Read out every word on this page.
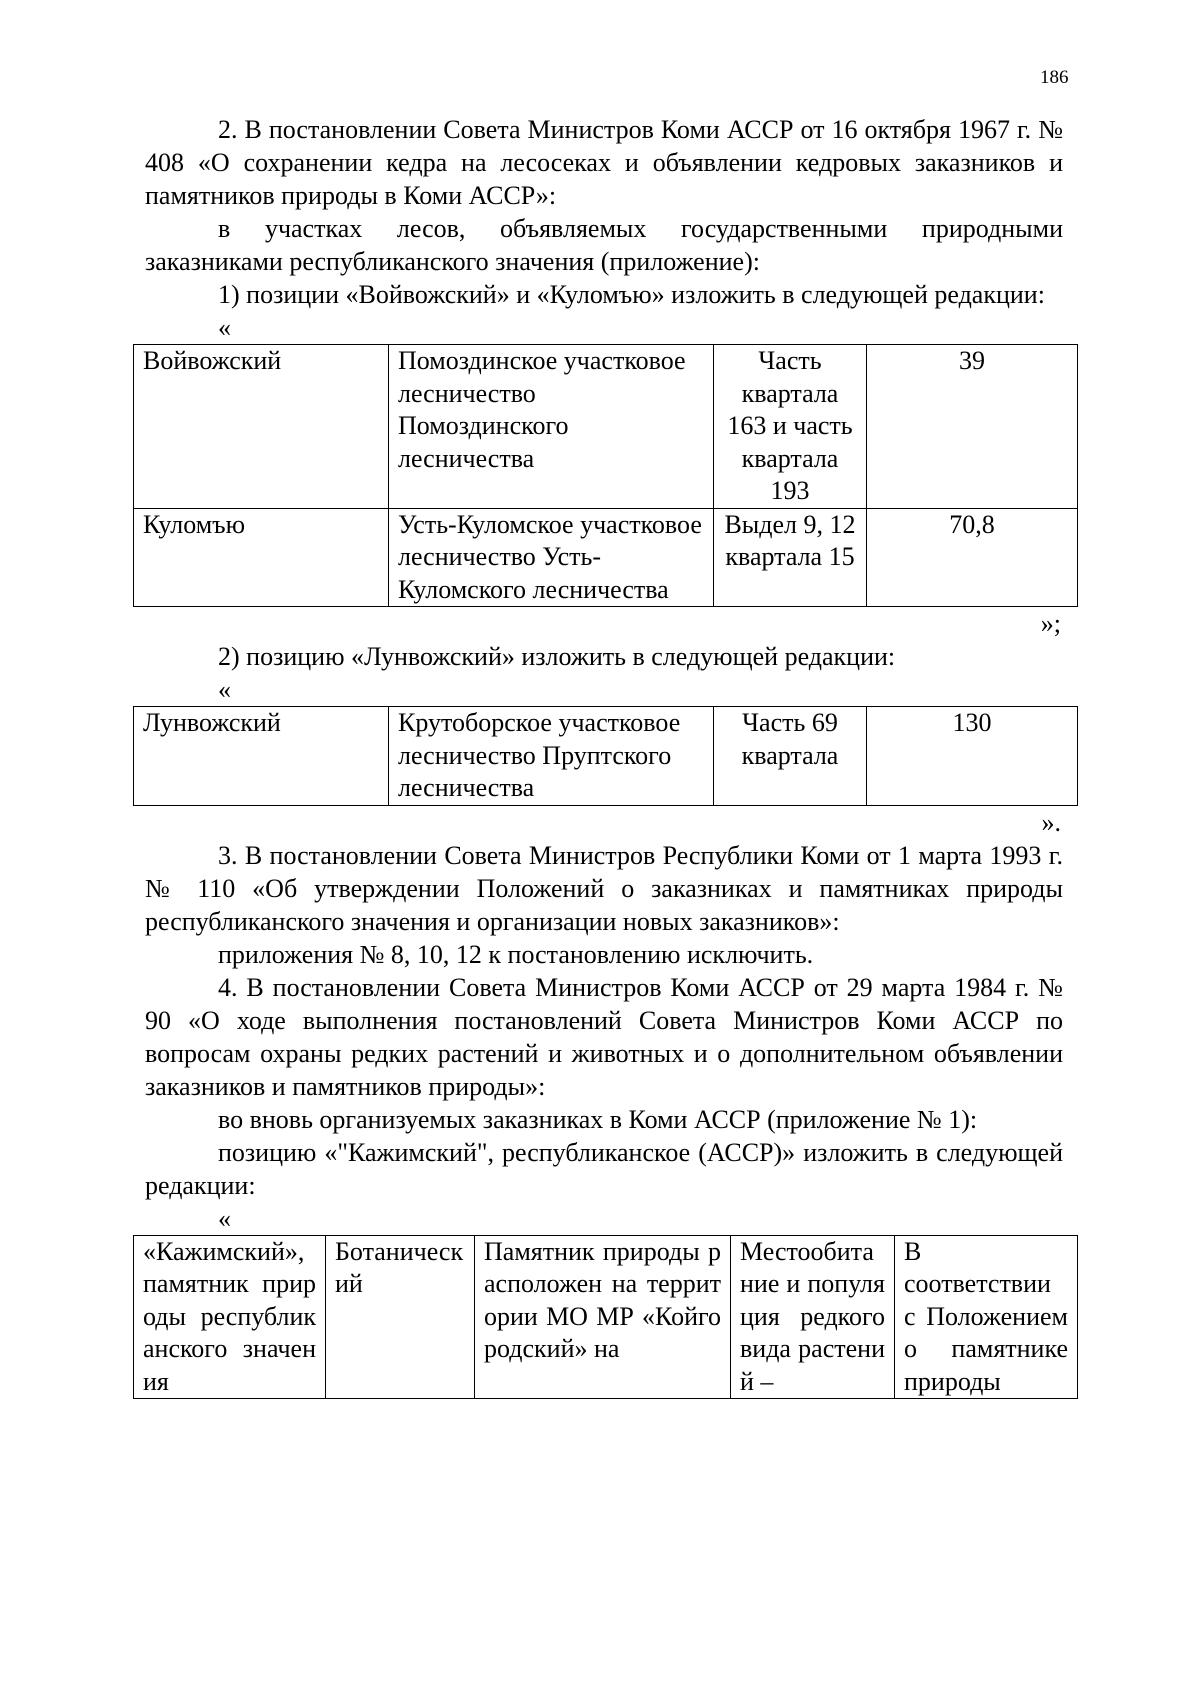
186

2. В постановлении Совета Министров Коми АССР от 16 октября 1967 г. № 408 «О сохранении кедра на лесосеках и объявлении кедровых заказников и памятников природы в Коми АССР»:

в участках лесов, объявляемых государственными природными заказниками республиканского значения (приложение):

1) позиции «Войвожский» и «Куломъю» изложить в следующей редакции:

«

Войвожский	Помоздинское участковое лесничество Помоздинского лесничества	Часть квартала 163 и часть квартала 193	39
Куломъю	Усть-Куломское участковое лесничество Усть-Куломского лесничества	Выдел 9, 12 квартала 15	70,8

»;

2) позицию «Лунвожский» изложить в следующей редакции:

«

Лунвожский	Крутоборское участковое лесничество Пруптского лесничества	Часть 69 квартала	130

».

3. В постановлении Совета Министров Республики Коми от 1 марта 1993 г.        № 110 «Об утверждении Положений о заказниках и памятниках природы республиканского значения и организации новых заказников»:

приложения № 8, 10, 12 к постановлению исключить.

4. В постановлении Совета Министров Коми АССР от 29 марта 1984 г. № 90 «О ходе выполнения постановлений Совета Министров Коми АССР по вопросам охраны редких растений и животных и о дополнительном объявлении заказников и памятников природы»:

во вновь организуемых заказниках в Коми АССР (приложение № 1):

позицию «"Кажимский", республиканское (АССР)» изложить в следующей редакции:

«

«Кажимский», памятник природы республиканского значения	Ботанический	Памятник природы расположен на территории МО МР «Койгородский» на	Местообитание и популяция редкого вида растений –	В соответствии с Положением о памятнике природы
